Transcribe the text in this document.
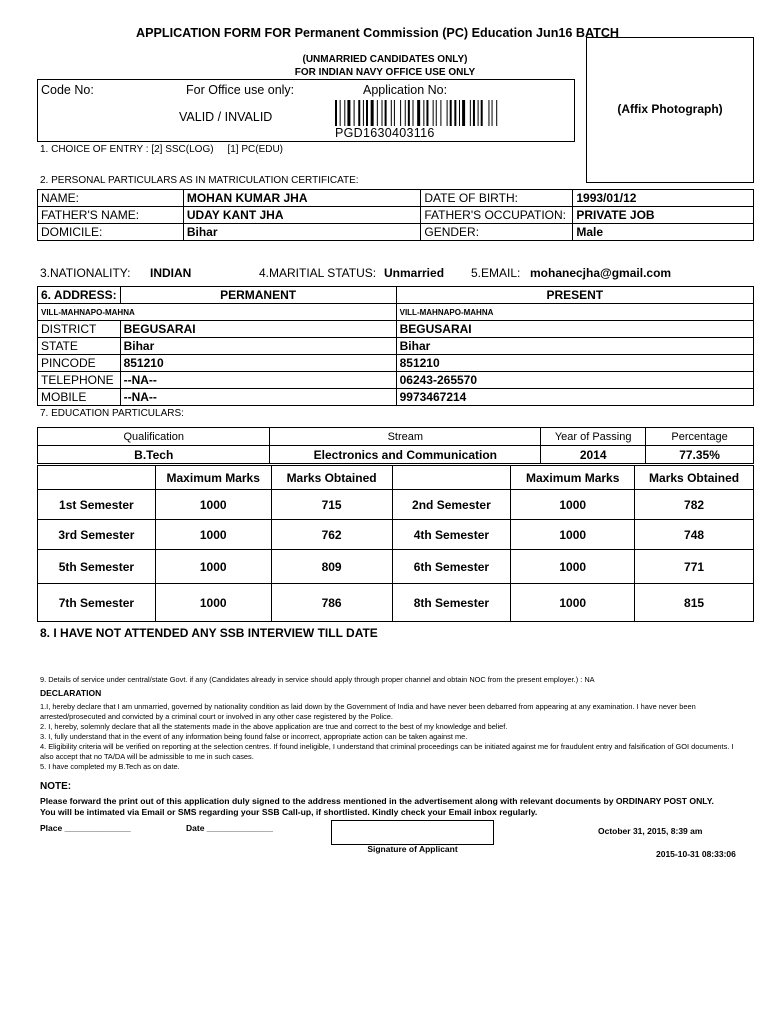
APPLICATION FORM FOR Permanent Commission (PC) Education Jun16 BATCH
(UNMARRIED CANDIDATES ONLY)
FOR INDIAN NAVY OFFICE USE ONLY
(Affix Photograph)
Code No:	For Office use only:
VALID / INVALID
Application No:
PGD1630403116
1. CHOICE OF ENTRY : [2] SSC(LOG)     [1] PC(EDU)
2. PERSONAL PARTICULARS AS IN MATRICULATION CERTIFICATE:
NAME:	MOHAN KUMAR JHA	DATE OF BIRTH:	1993/01/12
FATHER'S NAME:	UDAY KANT JHA	FATHER'S OCCUPATION:	PRIVATE JOB
DOMICILE:	Bihar	GENDER:	Male
3.NATIONALITY: INDIAN	4.MARITIAL STATUS: Unmarried 5.EMAIL: mohanecjha@gmail.com
6. ADDRESS:	PERMANENT	PRESENT
VILL-MAHNAPO-MAHNA		VILL-MAHNAPO-MAHNA
DISTRICT	BEGUSARAI	BEGUSARAI
STATE	Bihar	Bihar
PINCODE	851210	851210
TELEPHONE	--NA--	06243-265570
MOBILE	--NA--	9973467214
7. EDUCATION PARTICULARS:
Qualification	Stream	Year of Passing	Percentage
B.Tech	Electronics and Communication	2014	77.35%
	Maximum Marks	Marks Obtained		Maximum Marks	Marks Obtained
1st Semester	1000	715	2nd Semester	1000	782
3rd Semester	1000	762	4th Semester	1000	748
5th Semester	1000	809	6th Semester	1000	771
7th Semester	1000	786	8th Semester	1000	815
8. I HAVE NOT ATTENDED ANY SSB INTERVIEW TILL DATE
9. Details of service under central/state Govt. if any (Candidates already in service should apply through proper channel and obtain NOC from the present employer.) : NA
DECLARATION
1.I, hereby declare that I am unmarried, governed by nationality condition as laid down by the Government of India and have never been debarred from appearing at any examination. I have never been arrested/prosecuted and convicted by a criminal court or involved in any other case registered by the Police.
2. I, hereby, solemnly declare that all the statements made in the above application are true and correct to the best of my knowledge and belief.
3. I, fully understand that in the event of any information being found false or incorrect, appropriate action can be taken against me.
4. Eligibility criteria will be verified on reporting at the selection centres. If found ineligible, I understand that criminal proceedings can be initiated against me for fraudulent entry and falsification of GOI documents. I also accept that no TA/DA will be admissible to me in such cases.
5. I have completed my B.Tech as on date.
NOTE:
Please forward the print out of this application duly signed to the address mentioned in the advertisement along with relevant documents by ORDINARY POST ONLY. You will be intimated via Email or SMS regarding your SSB Call-up, if shortlisted. Kindly check your Email inbox regularly.
Place ______________	Date ______________
Signature of Applicant
October 31, 2015, 8:39 am
2015-10-31 08:33:06
